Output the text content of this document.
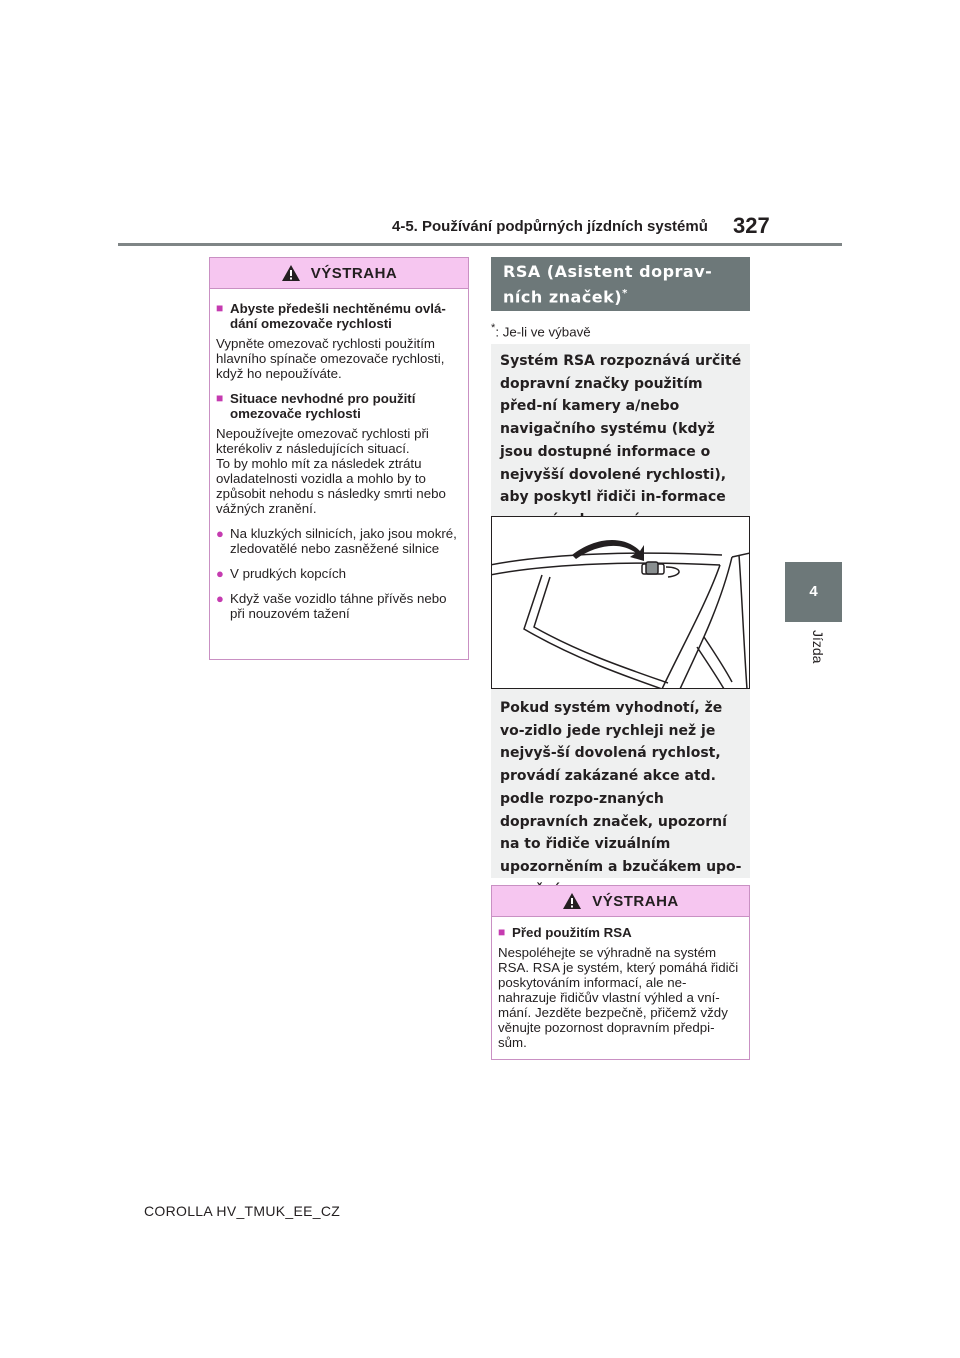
4-5. Používání podpůrných jízdních systémů 327
4
Jízda
VÝSTRAHA
■ Abyste předešli nechtěnému ovlá-dání omezovače rychlosti
Vypněte omezovač rychlosti použitím hlavního spínače omezovače rychlosti, když ho nepoužíváte.
■ Situace nevhodné pro použití omezovače rychlosti
Nepoužívejte omezovač rychlosti při kterékoliv z následujících situací.
To by mohlo mít za následek ztrátu ovladatelnosti vozidla a mohlo by to způsobit nehodu s následky smrti nebo vážných zranění.
● Na kluzkých silnicích, jako jsou mokré, zledovatělé nebo zasněžené silnice
● V prudkých kopcích
● Když vaše vozidlo táhne přívěs nebo při nouzovém tažení
RSA (Asistent doprav-ních značek)*
*: Je-li ve výbavě
Systém RSA rozpoznává určité dopravní značky použitím před-ní kamery a/nebo navigačního systému (když jsou dostupné informace o nejvyšší dovolené rychlosti), aby poskytl řidiči in-formace
Pokud systém vyhodnotí, že vo-zidlo jede rychleji než je nejvyš-ší dovolená rychlost, provádí zakázané akce atd. podle rozpo-znaných dopravních značek, upozorní na to řidiče vizuálním upozorněním a bzučákem upo-
VÝSTRAHA
■ Před použitím RSA
Nespoléhejte se výhradně na systém RSA. RSA je systém, který pomáhá řidiči poskytováním informací, ale ne-nahrazuje řidičův vlastní výhled a vní-mání. Jezděte bezpečně, přičemž vždy věnujte pozornost dopravním předpi-sům.
COROLLA HV_TMUK_EE_CZ
